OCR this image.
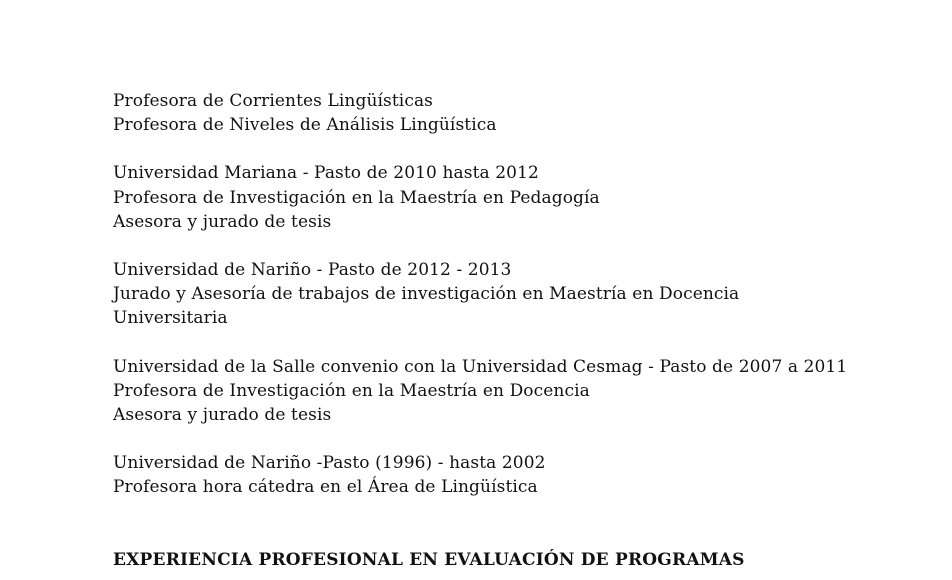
Profesora de Corrientes Lingüísticas
Profesora de Niveles de Análisis Lingüística
Universidad Mariana - Pasto de 2010 hasta 2012
Profesora de Investigación en la Maestría en Pedagogía
Asesora y jurado de tesis
Universidad de Nariño - Pasto de 2012 - 2013
Jurado y Asesoría de trabajos de investigación en Maestría en Docencia
Universitaria
Universidad de la Salle convenio con la Universidad Cesmag - Pasto de 2007 a 2011
Profesora de Investigación en la Maestría en Docencia
Asesora y jurado de tesis
Universidad de Nariño -Pasto (1996) - hasta 2002
Profesora hora cátedra en el Área de Lingüística
EXPERIENCIA PROFESIONAL EN EVALUACIÓN DE PROGRAMAS
